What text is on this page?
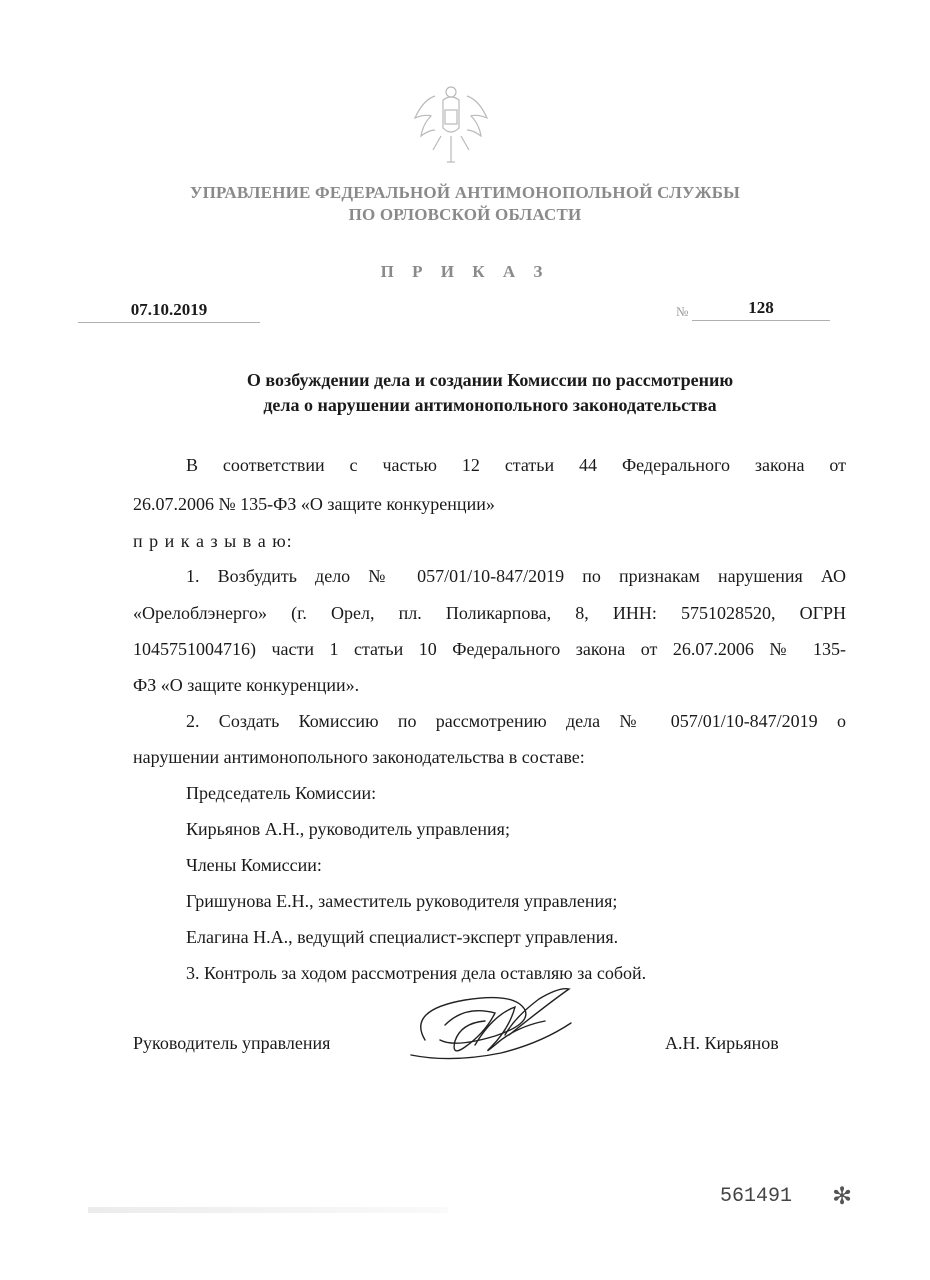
УПРАВЛЕНИЕ ФЕДЕРАЛЬНОЙ АНТИМОНОПОЛЬНОЙ СЛУЖБЫ
ПО ОРЛОВСКОЙ ОБЛАСТИ
П Р И К А З
07.10.2019	№	128
О возбуждении дела и создании Комиссии по рассмотрению
дела о нарушении антимонопольного законодательства
В соответствии с частью 12 статьи 44 Федерального закона от
26.07.2006 № 135-ФЗ «О защите конкуренции»
п р и к а з ы в а ю:
1. Возбудить дело № 057/01/10-847/2019 по признакам нарушения АО
«Орелоблэнерго» (г. Орел, пл. Поликарпова, 8, ИНН: 5751028520, ОГРН
1045751004716) части 1 статьи 10 Федерального закона от 26.07.2006 № 135-
ФЗ «О защите конкуренции».
2. Создать Комиссию по рассмотрению дела № 057/01/10-847/2019 о
нарушении антимонопольного законодательства в составе:
Председатель Комиссии:
Кирьянов А.Н., руководитель управления;
Члены Комиссии:
Гришунова Е.Н., заместитель руководителя управления;
Елагина Н.А., ведущий специалист-эксперт управления.
3. Контроль за ходом рассмотрения дела оставляю за собой.
Руководитель управления	А.Н. Кирьянов
561491 ✻
